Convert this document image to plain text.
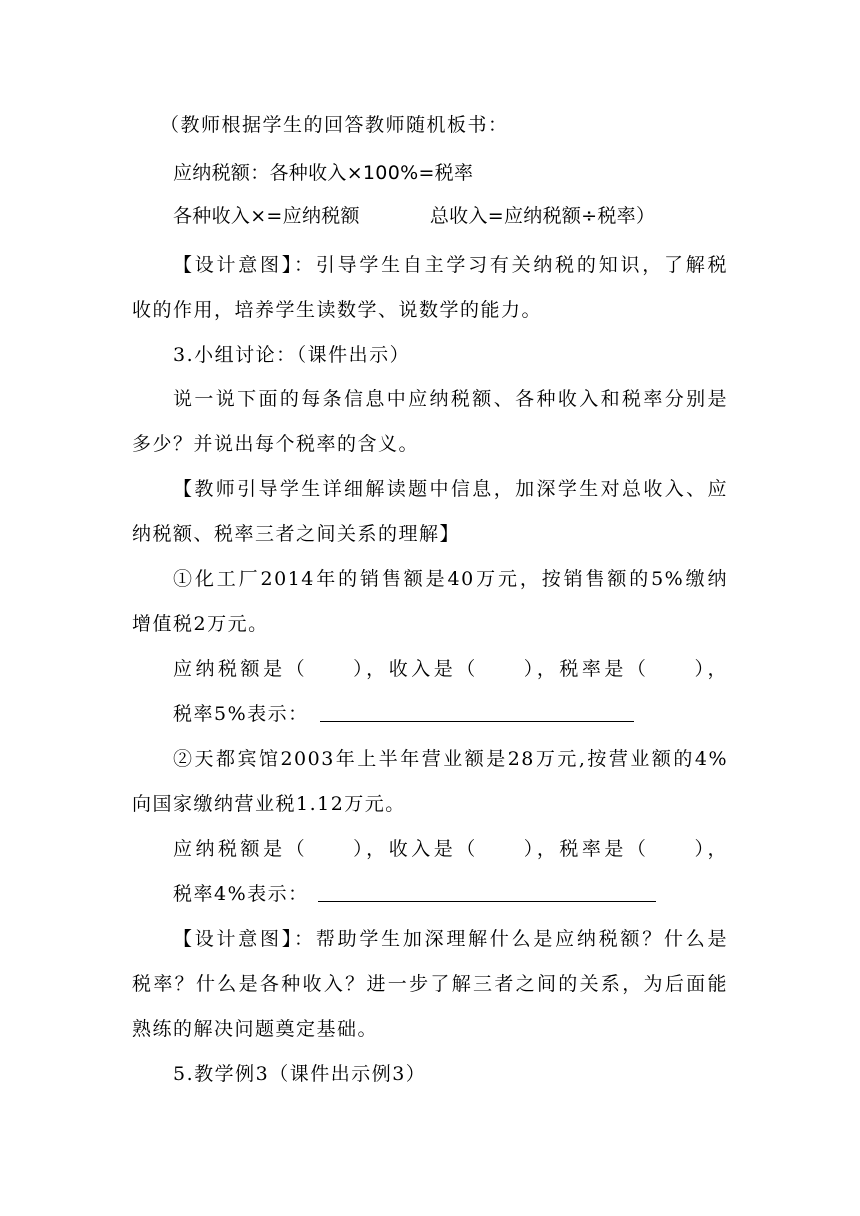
（教师根据学生的回答教师随机板书：
应纳税额：各种收入×100%=税率
各种收入×=应纳税额	总收入=应纳税额÷税率）
【设计意图】：引导学生自主学习有关纳税的知识，了解税
收的作用，培养学生读数学、说数学的能力。
3.小组讨论：（课件出示）
说一说下面的每条信息中应纳税额、各种收入和税率分别是
多少？并说出每个税率的含义。
【教师引导学生详细解读题中信息，加深学生对总收入、应
纳税额、税率三者之间关系的理解】
①化工厂2014年的销售额是40万元，按销售额的5%缴纳
增值税2万元。
应纳税额是（　　），收入是（　　），税率是（　　），
税率5%表示：
②天都宾馆2003年上半年营业额是28万元,按营业额的4%
向国家缴纳营业税1.12万元。
应纳税额是（　　），收入是（　　），税率是（　　），
税率4%表示：
【设计意图】：帮助学生加深理解什么是应纳税额？什么是
税率？什么是各种收入？进一步了解三者之间的关系，为后面能
熟练的解决问题奠定基础。
5.教学例3（课件出示例3）
